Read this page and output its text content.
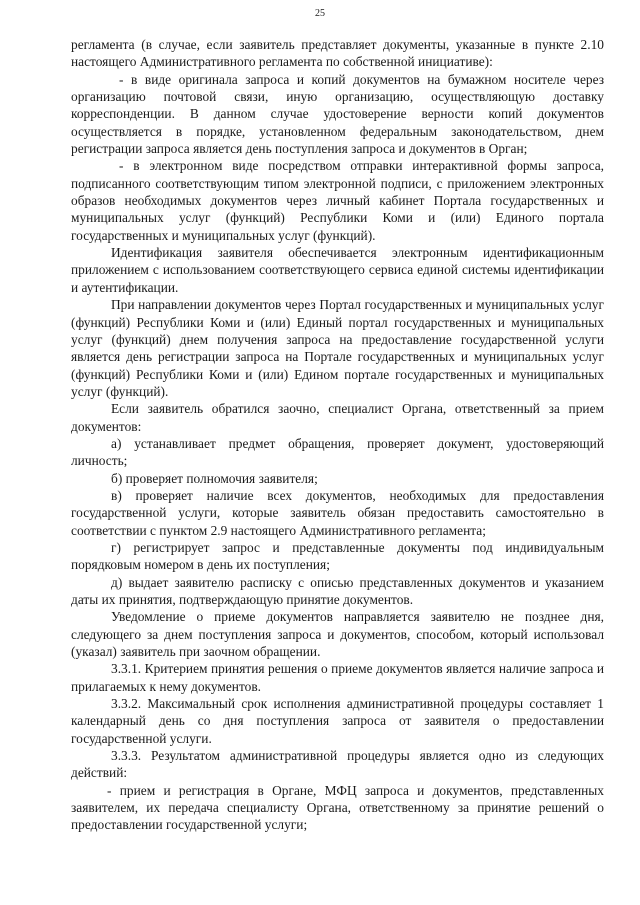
25

регламента (в случае, если заявитель представляет документы, указанные в пункте 2.10 настоящего Административного регламента по собственной инициативе):

- в виде оригинала запроса и копий документов на бумажном носителе через организацию почтовой связи, иную организацию, осуществляющую доставку корреспонденции. В данном случае удостоверение верности копий документов осуществляется в порядке, установленном федеральным законодательством, днем регистрации запроса является день поступления запроса и документов в Орган;

- в электронном виде посредством отправки интерактивной формы запроса, подписанного соответствующим типом электронной подписи, с приложением электронных образов необходимых документов через личный кабинет Портала государственных и муниципальных услуг (функций) Республики Коми и (или) Единого портала государственных и муниципальных услуг (функций).

Идентификация заявителя обеспечивается электронным идентификационным приложением с использованием соответствующего сервиса единой системы идентификации и аутентификации.

При направлении документов через Портал государственных и муниципальных услуг (функций) Республики Коми и (или) Единый портал государственных и муниципальных услуг (функций) днем получения запроса на предоставление государственной услуги является день регистрации запроса на Портале государственных и муниципальных услуг (функций) Республики Коми и (или) Едином портале государственных и муниципальных услуг (функций).

Если заявитель обратился заочно, специалист Органа, ответственный за прием документов:

а) устанавливает предмет обращения, проверяет документ, удостоверяющий личность;

б) проверяет полномочия заявителя;

в) проверяет наличие всех документов, необходимых для предоставления государственной услуги, которые заявитель обязан предоставить самостоятельно в соответствии с пунктом 2.9 настоящего Административного регламента;

г) регистрирует запрос и представленные документы под индивидуальным порядковым номером в день их поступления;

д) выдает заявителю расписку с описью представленных документов и указанием даты их принятия, подтверждающую принятие документов.

Уведомление о приеме документов направляется заявителю не позднее дня, следующего за днем поступления запроса и документов, способом, который использовал (указал) заявитель при заочном обращении.

3.3.1. Критерием принятия решения о приеме документов является наличие запроса и прилагаемых к нему документов.

3.3.2. Максимальный срок исполнения административной процедуры составляет 1 календарный день со дня поступления запроса от заявителя о предоставлении государственной услуги.

3.3.3. Результатом административной процедуры является одно из следующих действий:

- прием и регистрация в Органе, МФЦ запроса и документов, представленных заявителем, их передача специалисту Органа, ответственному за принятие решений о предоставлении государственной услуги;
